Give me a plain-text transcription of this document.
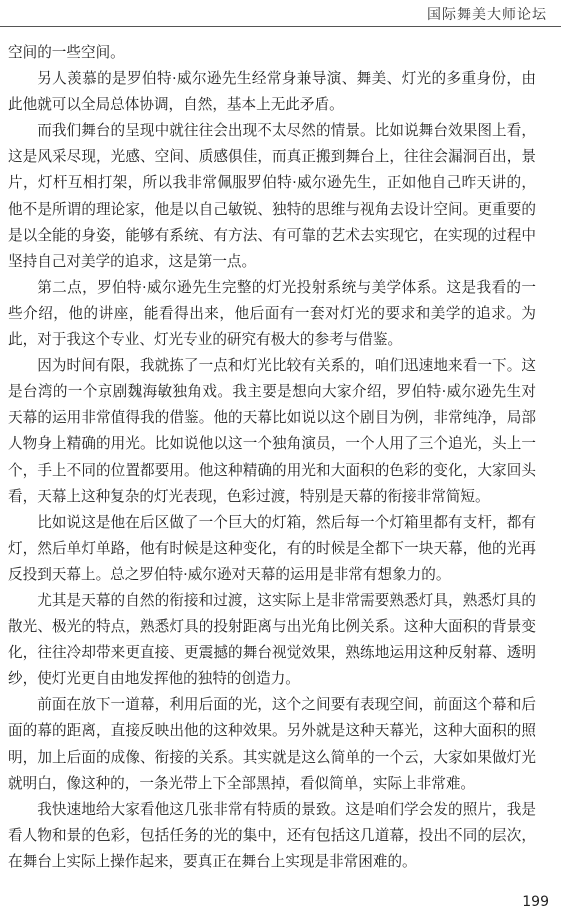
国际舞美大师论坛

空间的一些空间。

另人羡慕的是罗伯特·威尔逊先生经常身兼导演、舞美、灯光的多重身份，由此他就可以全局总体协调，自然，基本上无此矛盾。

而我们舞台的呈现中就往往会出现不太尽然的情景。比如说舞台效果图上看，这是风采尽现，光感、空间、质感俱佳，而真正搬到舞台上，往往会漏洞百出，景片，灯杆互相打架，所以我非常佩服罗伯特·威尔逊先生，正如他自己昨天讲的，他不是所谓的理论家，他是以自己敏锐、独特的思维与视角去设计空间。更重要的是以全能的身姿，能够有系统、有方法、有可靠的艺术去实现它，在实现的过程中坚持自己对美学的追求，这是第一点。

第二点，罗伯特·威尔逊先生完整的灯光投射系统与美学体系。这是我看的一些介绍，他的讲座，能看得出来，他后面有一套对灯光的要求和美学的追求。为此，对于我这个专业、灯光专业的研究有极大的参考与借鉴。

因为时间有限，我就拣了一点和灯光比较有关系的，咱们迅速地来看一下。这是台湾的一个京剧魏海敏独角戏。我主要是想向大家介绍，罗伯特·威尔逊先生对天幕的运用非常值得我的借鉴。他的天幕比如说以这个剧目为例，非常纯净，局部人物身上精确的用光。比如说他以这一个独角演员，一个人用了三个追光，头上一个，手上不同的位置都要用。他这种精确的用光和大面积的色彩的变化，大家回头看，天幕上这种复杂的灯光表现，色彩过渡，特别是天幕的衔接非常简短。

比如说这是他在后区做了一个巨大的灯箱，然后每一个灯箱里都有支杆，都有灯，然后单灯单路，他有时候是这种变化，有的时候是全都下一块天幕，他的光再反投到天幕上。总之罗伯特·威尔逊对天幕的运用是非常有想象力的。

尤其是天幕的自然的衔接和过渡，这实际上是非常需要熟悉灯具，熟悉灯具的散光、极光的特点，熟悉灯具的投射距离与出光角比例关系。这种大面积的背景变化，往往冷却带来更直接、更震撼的舞台视觉效果，熟练地运用这种反射幕、透明纱，使灯光更自由地发挥他的独特的创造力。

前面在放下一道幕，利用后面的光，这个之间要有表现空间，前面这个幕和后面的幕的距离，直接反映出他的这种效果。另外就是这种天幕光，这种大面积的照明，加上后面的成像、衔接的关系。其实就是这么简单的一个云，大家如果做灯光就明白，像这种的，一条光带上下全部黑掉，看似简单，实际上非常难。

我快速地给大家看他这几张非常有特质的景致。这是咱们学会发的照片，我是看人物和景的色彩，包括任务的光的集中，还有包括这几道幕，投出不同的层次，在舞台上实际上操作起来，要真正在舞台上实现是非常困难的。

199
